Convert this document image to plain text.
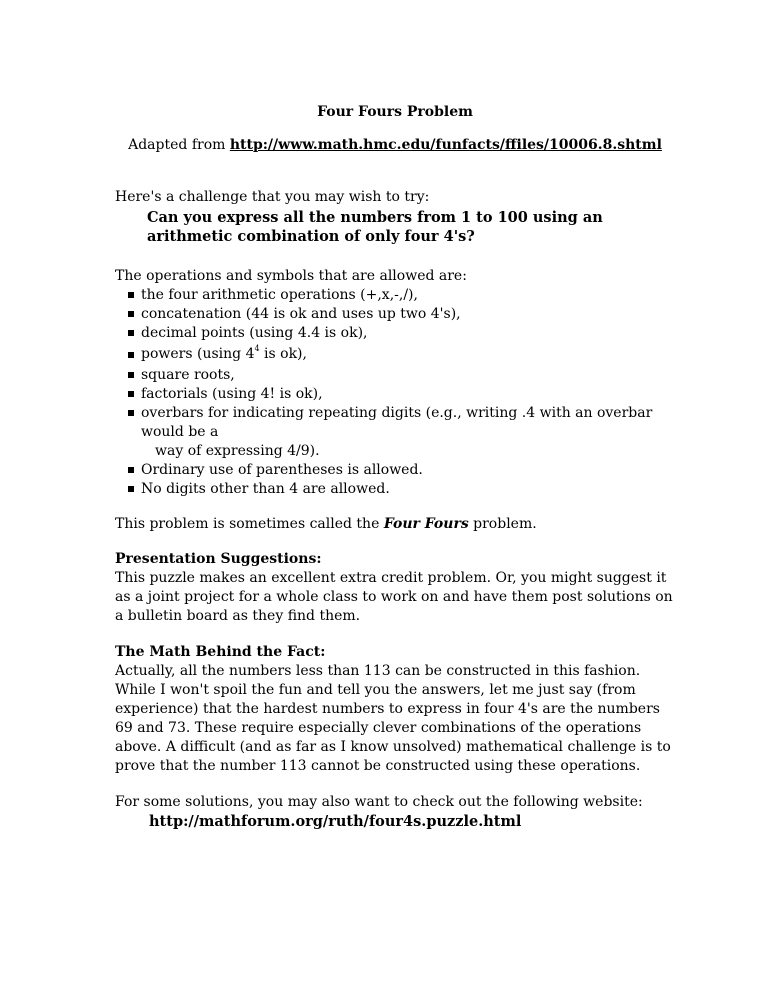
Four Fours Problem

Adapted from http://www.math.hmc.edu/funfacts/ffiles/10006.8.shtml

Here's a challenge that you may wish to try:

Can you express all the numbers from 1 to 100 using an arithmetic combination of only four 4's?

The operations and symbols that are allowed are:

the four arithmetic operations (+,x,-,/),
concatenation (44 is ok and uses up two 4's),
decimal points (using 4.4 is ok),
powers (using $4^4$ is ok),
square roots,
factorials (using 4! is ok),
overbars for indicating repeating digits (e.g., writing .4 with an overbar would be a
way of expressing 4/9).
Ordinary use of parentheses is allowed.
No digits other than 4 are allowed.

This problem is sometimes called the Four Fours problem.

Presentation Suggestions:

This puzzle makes an excellent extra credit problem. Or, you might suggest it as a joint project for a whole class to work on and have them post solutions on a bulletin board as they find them.

The Math Behind the Fact:

Actually, all the numbers less than 113 can be constructed in this fashion. While I won't spoil the fun and tell you the answers, let me just say (from experience) that the hardest numbers to express in four 4's are the numbers 69 and 73. These require especially clever combinations of the operations above. A difficult (and as far as I know unsolved) mathematical challenge is to prove that the number 113 cannot be constructed using these operations.

For some solutions, you may also want to check out the following website:

http://mathforum.org/ruth/four4s.puzzle.html
